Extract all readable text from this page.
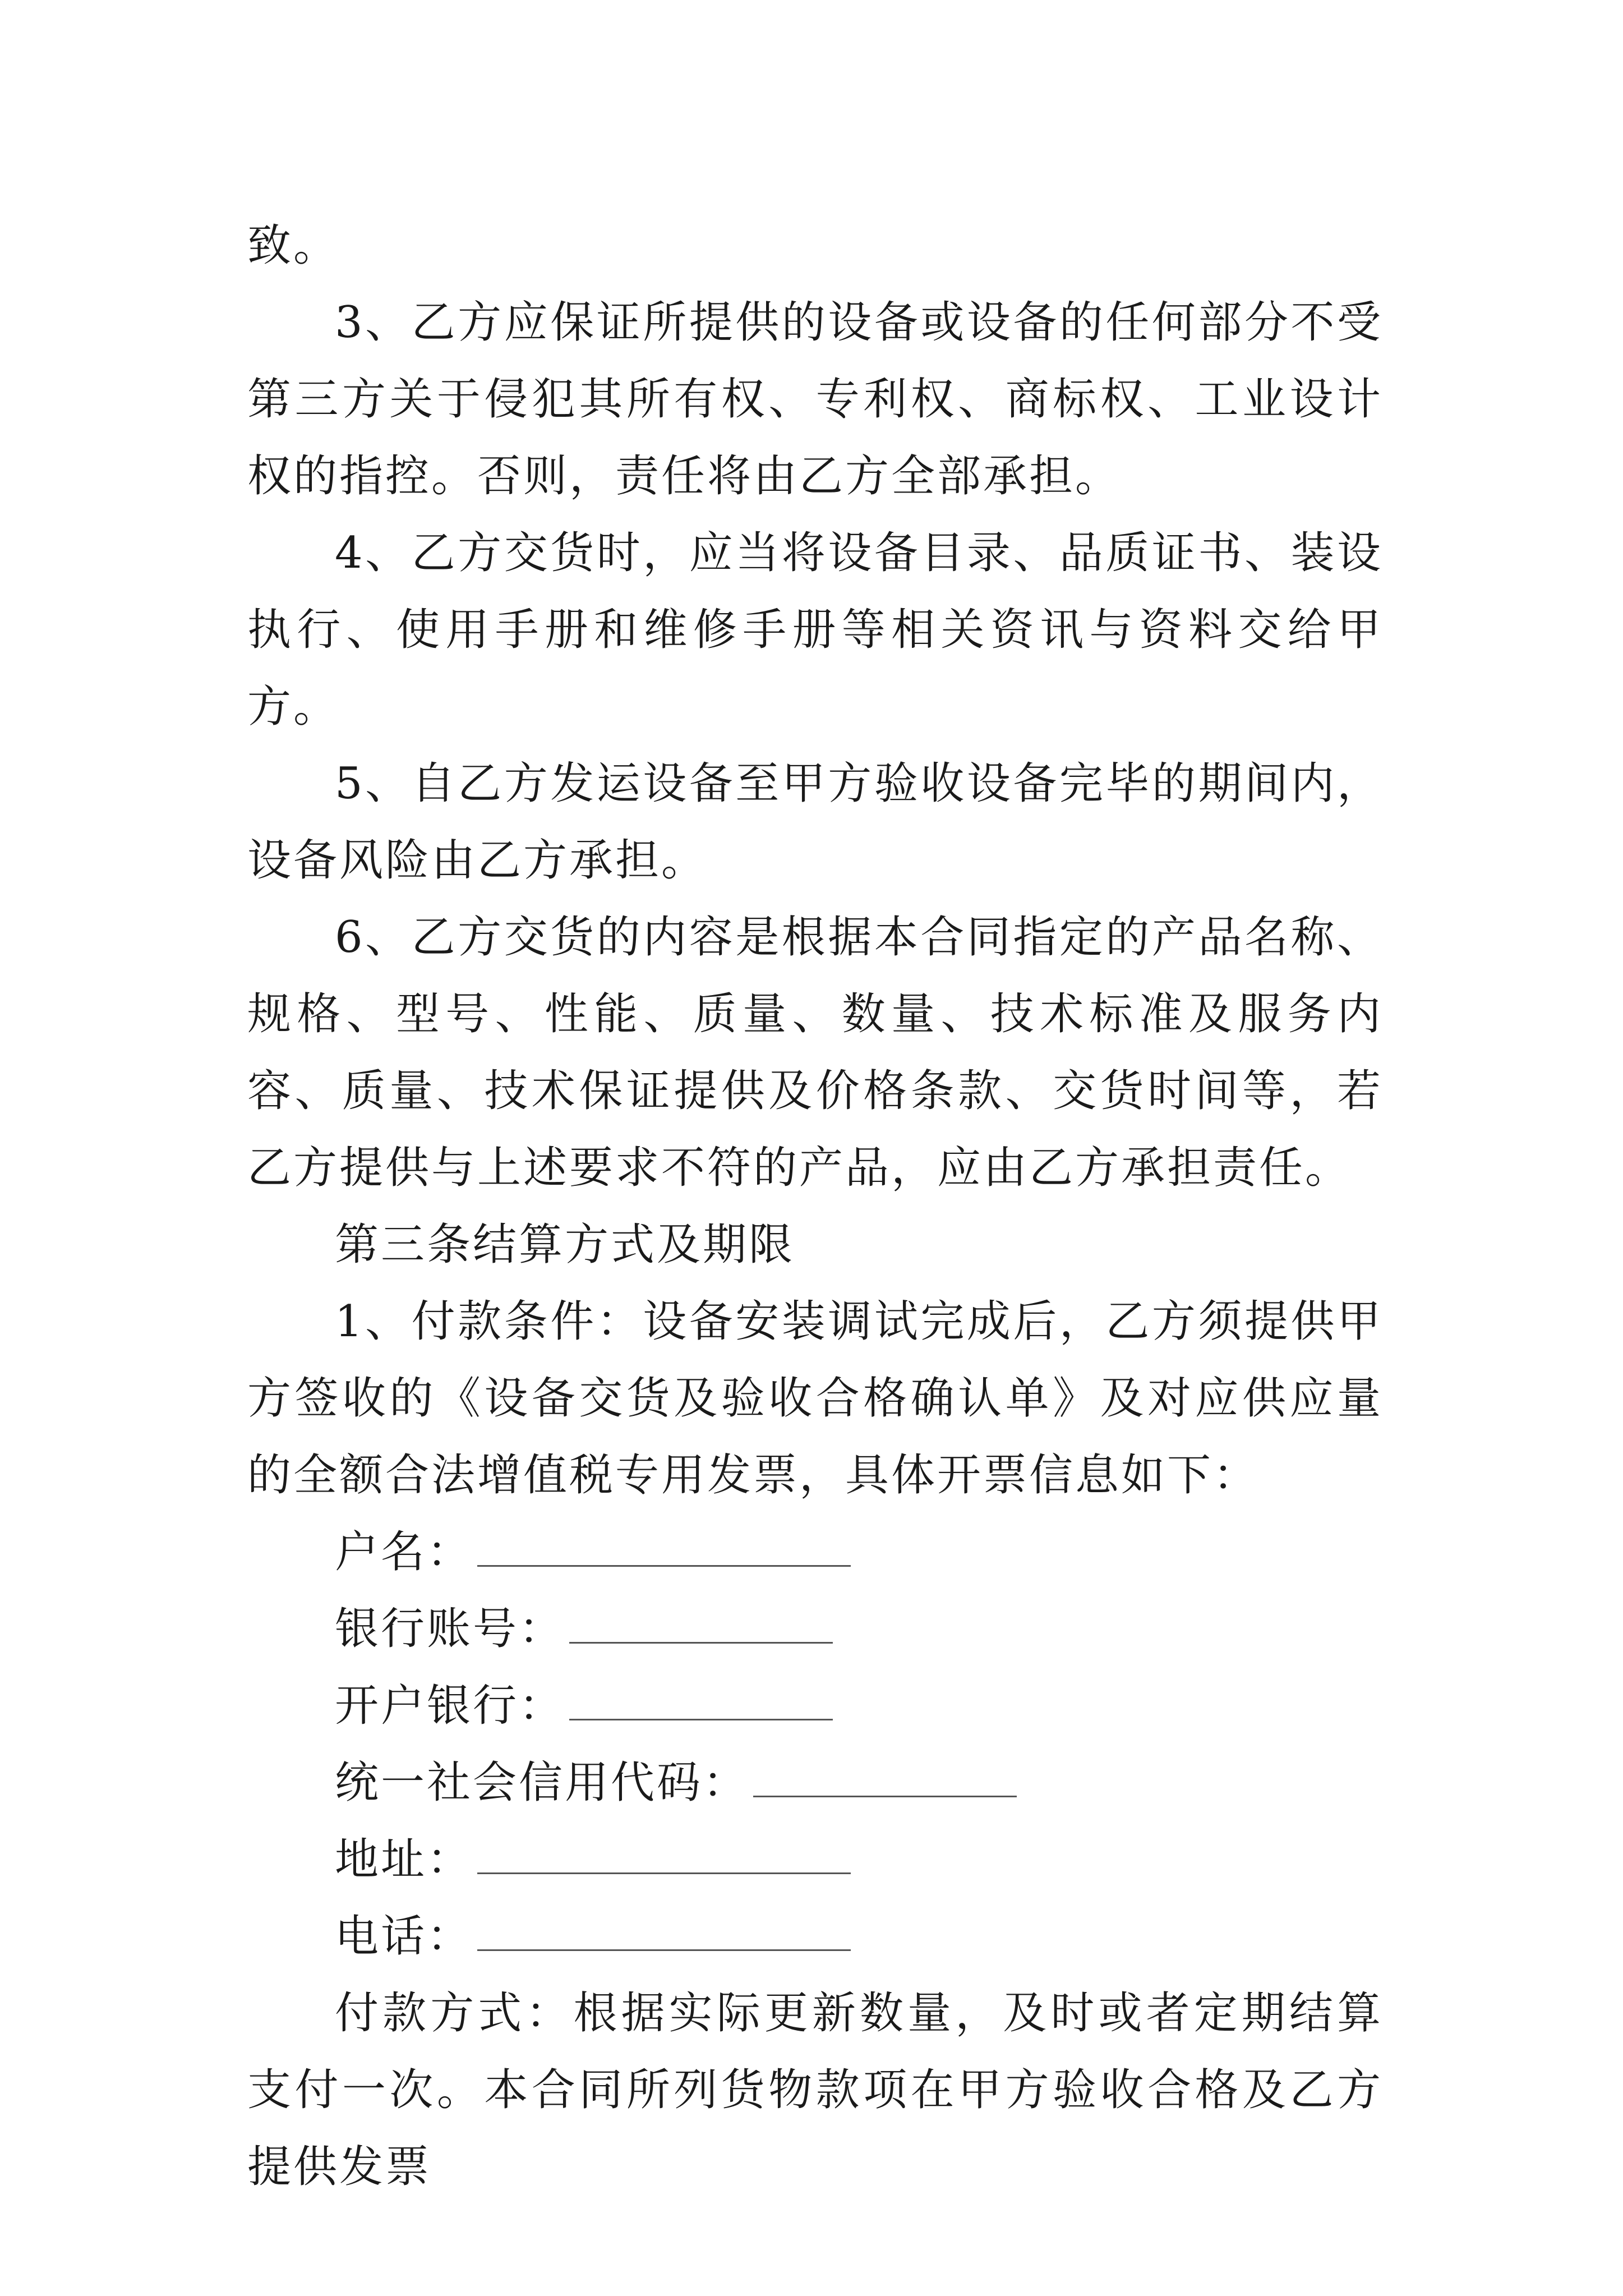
致。

3、乙方应保证所提供的设备或设备的任何部分不受第三方关于侵犯其所有权、专利权、商标权、工业设计权的指控。否则，责任将由乙方全部承担。

4、乙方交货时，应当将设备目录、品质证书、装设执行、使用手册和维修手册等相关资讯与资料交给甲方。

5、自乙方发运设备至甲方验收设备完毕的期间内，设备风险由乙方承担。

6、乙方交货的内容是根据本合同指定的产品名称、规格、型号、性能、质量、数量、技术标准及服务内容、质量、技术保证提供及价格条款、交货时间等，若乙方提供与上述要求不符的产品，应由乙方承担责任。

第三条结算方式及期限

1、付款条件：设备安装调试完成后，乙方须提供甲方签收的《设备交货及验收合格确认单》及对应供应量的全额合法增值税专用发票，具体开票信息如下：

户名：

银行账号：

开户银行：

统一社会信用代码：

地址：

电话：

付款方式：根据实际更新数量，及时或者定期结算支付一次。本合同所列货物款项在甲方验收合格及乙方提供发票
